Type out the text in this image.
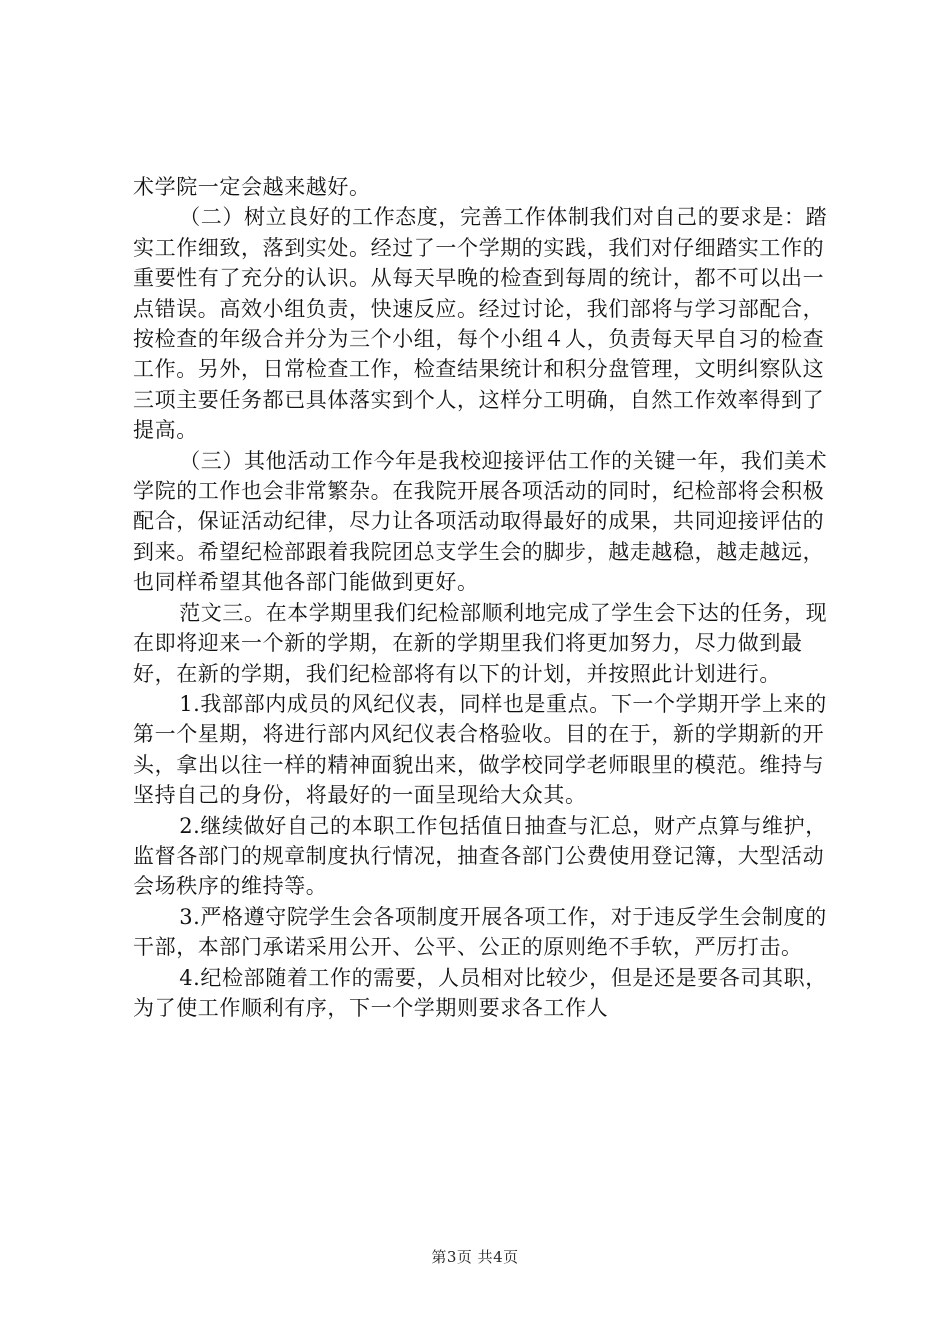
术学院一定会越来越好。

（二）树立良好的工作态度，完善工作体制我们对自己的要求是：踏实工作细致，落到实处。经过了一个学期的实践，我们对仔细踏实工作的重要性有了充分的认识。从每天早晚的检查到每周的统计，都不可以出一点错误。高效小组负责，快速反应。经过讨论，我们部将与学习部配合，按检查的年级合并分为三个小组，每个小组４人，负责每天早自习的检查工作。另外，日常检查工作，检查结果统计和积分盘管理，文明纠察队这三项主要任务都已具体落实到个人，这样分工明确，自然工作效率得到了提高。

（三）其他活动工作今年是我校迎接评估工作的关键一年，我们美术学院的工作也会非常繁杂。在我院开展各项活动的同时，纪检部将会积极配合，保证活动纪律，尽力让各项活动取得最好的成果，共同迎接评估的到来。希望纪检部跟着我院团总支学生会的脚步，越走越稳，越走越远，也同样希望其他各部门能做到更好。

范文三。在本学期里我们纪检部顺利地完成了学生会下达的任务，现在即将迎来一个新的学期，在新的学期里我们将更加努力，尽力做到最好，在新的学期，我们纪检部将有以下的计划，并按照此计划进行。

1.我部部内成员的风纪仪表，同样也是重点。下一个学期开学上来的第一个星期，将进行部内风纪仪表合格验收。目的在于，新的学期新的开头，拿出以往一样的精神面貌出来，做学校同学老师眼里的模范。维持与坚持自己的身份，将最好的一面呈现给大众其。

2.继续做好自己的本职工作包括值日抽查与汇总，财产点算与维护，监督各部门的规章制度执行情况，抽查各部门公费使用登记簿，大型活动会场秩序的维持等。

3.严格遵守院学生会各项制度开展各项工作，对于违反学生会制度的干部，本部门承诺采用公开、公平、公正的原则绝不手软，严厉打击。

4.纪检部随着工作的需要，人员相对比较少，但是还是要各司其职，为了使工作顺利有序，下一个学期则要求各工作人

第3页 共4页
